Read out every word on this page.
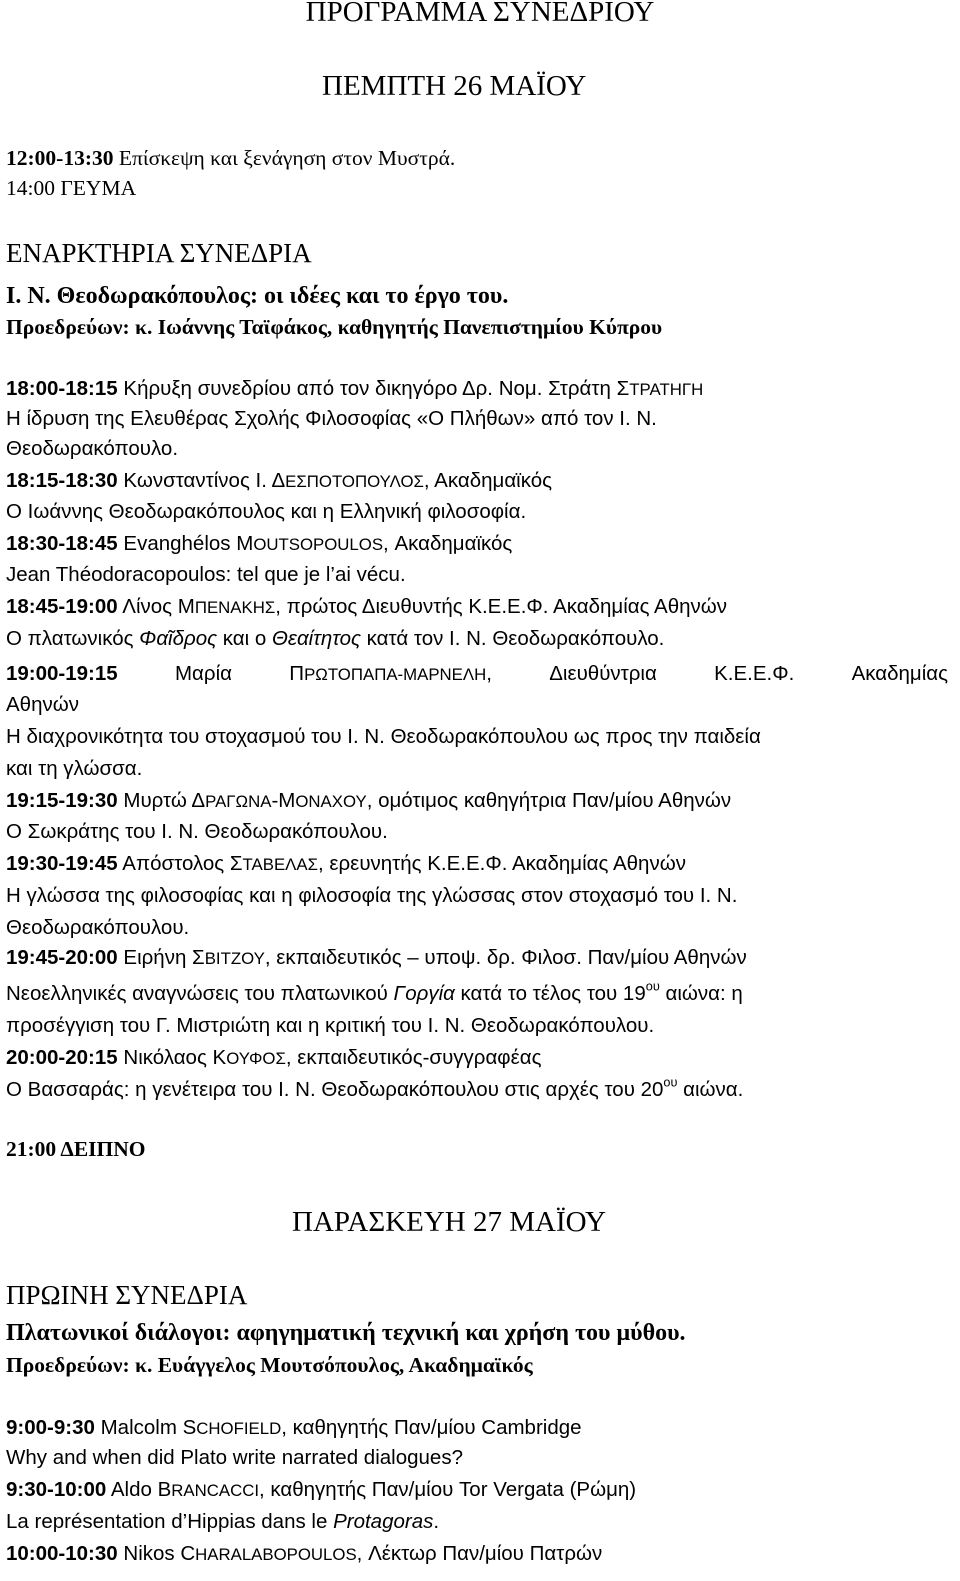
ΠΡΟΓΡΑΜΜΑ ΣΥΝΕΔΡΙΟΥ
ΠΕΜΠΤΗ 26 ΜΑΪΟΥ
12:00-13:30 Επίσκεψη και ξενάγηση στον Μυστρά.
14:00 ΓΕΥΜΑ
ΕΝΑΡΚΤΗΡΙΑ ΣΥΝΕΔΡΙΑ
Ι. Ν. Θεοδωρακόπουλος: οι ιδέες και το έργο του.
Προεδρεύων: κ. Ιωάννης Ταϊφάκος, καθηγητής Πανεπιστημίου Κύπρου
18:00-18:15 Κήρυξη συνεδρίου από τον δικηγόρο Δρ. Νομ. Στράτη ΣΤΡΑΤΗΓΗ
Η ίδρυση της Ελευθέρας Σχολής Φιλοσοφίας «Ο Πλήθων» από τον Ι. Ν.
Θεοδωρακόπουλο.
18:15-18:30 Κωνσταντίνος Ι. ΔΕΣΠΟΤΟΠΟΥΛΟΣ, Ακαδημαϊκός
Ο Ιωάννης Θεοδωρακόπουλος και η Ελληνική φιλοσοφία.
18:30-18:45 Evanghélos MOUTSOPOULOS, Ακαδημαϊκός
Jean Théodoracopoulos: tel que je l’ai vécu.
18:45-19:00 Λίνος ΜΠΕΝΑΚΗΣ, πρώτος Διευθυντής Κ.Ε.Ε.Φ. Ακαδημίας Αθηνών
Ο πλατωνικός Φαῖδρος και ο Θεαίτητος κατά τον Ι. Ν. Θεοδωρακόπουλο.
19:00-19:15	Μαρία	ΠΡΩΤΟΠΑΠΑ-ΜΑΡΝΕΛΗ,	Διευθύντρια	Κ.Ε.Ε.Φ.	Ακαδημίας
Αθηνών
Η διαχρονικότητα του στοχασμού του Ι. Ν. Θεοδωρακόπουλου ως προς την παιδεία
και τη γλώσσα.
19:15-19:30 Μυρτώ ΔΡΑΓΩΝΑ-ΜΟΝΑΧΟΥ, ομότιμος καθηγήτρια Παν/μίου Αθηνών
Ο Σωκράτης του Ι. Ν. Θεοδωρακόπουλου.
19:30-19:45 Απόστολος ΣΤΑΒΕΛΑΣ, ερευνητής Κ.Ε.Ε.Φ. Ακαδημίας Αθηνών
Η γλώσσα της φιλοσοφίας και η φιλοσοφία της γλώσσας στον στοχασμό του Ι. Ν.
Θεοδωρακόπουλου.
19:45-20:00 Ειρήνη ΣΒΙΤΖΟΥ, εκπαιδευτικός – υποψ. δρ. Φιλοσ. Παν/μίου Αθηνών
Νεοελληνικές αναγνώσεις του πλατωνικού Γοργία κατά το τέλος του $19^{o\upsilon}$ αιώνα: η
προσέγγιση του Γ. Μιστριώτη και η κριτική του Ι. Ν. Θεοδωρακόπουλου.
20:00-20:15 Νικόλαος ΚΟΥΦΟΣ, εκπαιδευτικός-συγγραφέας
Ο Βασσαράς: η γενέτειρα του Ι. Ν. Θεοδωρακόπουλου στις αρχές του $20^{o\upsilon}$ αιώνα.
21:00 ΔΕΙΠΝΟ
ΠΑΡΑΣΚΕΥΗ 27 ΜΑΪΟΥ
ΠΡΩΙΝΗ ΣΥΝΕΔΡΙΑ
Πλατωνικοί διάλογοι: αφηγηματική τεχνική και χρήση του μύθου.
Προεδρεύων: κ. Ευάγγελος Μουτσόπουλος, Ακαδημαϊκός
9:00-9:30 Malcolm SCHOFIELD, καθηγητής Παν/μίου Cambridge
Why and when did Plato write narrated dialogues?
9:30-10:00 Aldo BRANCACCI, καθηγητής Παν/μίου Tor Vergata (Ρώμη)
La représentation d’Hippias dans le Protagoras.
10:00-10:30 Nikos CHARALABOPOULOS, Λέκτωρ Παν/μίου Πατρών
